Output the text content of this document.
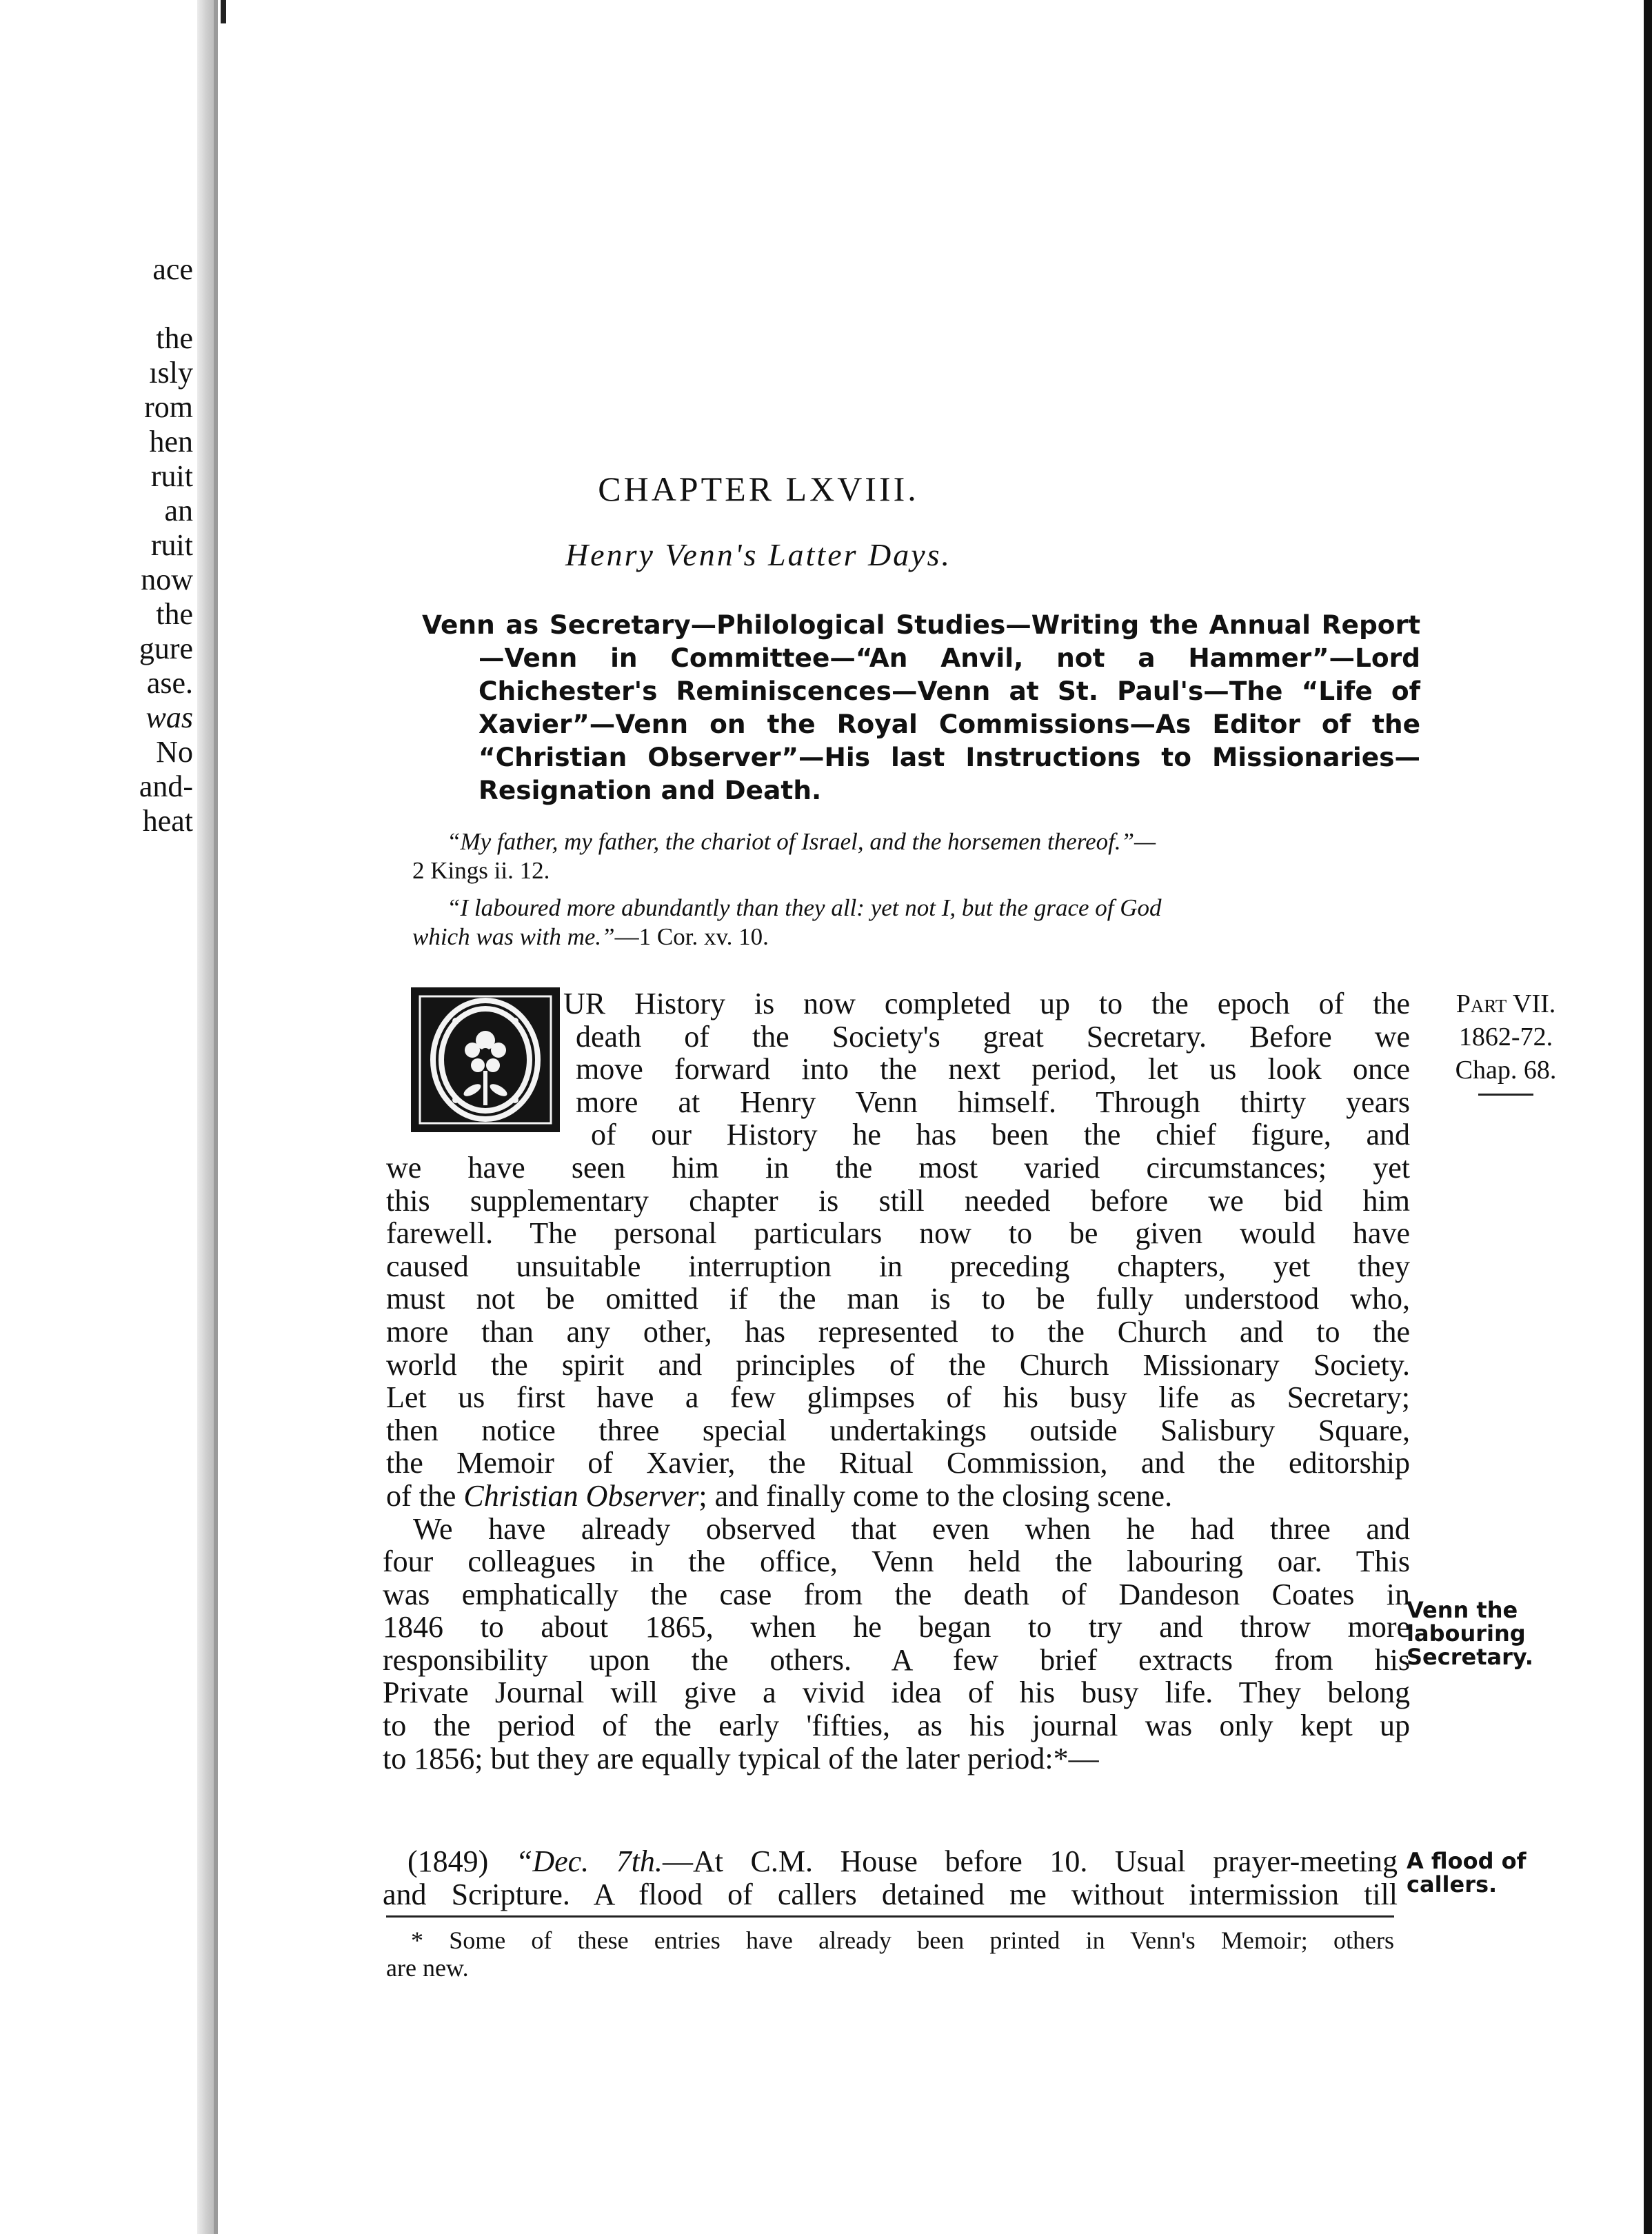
ace
the
ısly
rom
hen
ruit
an
ruit
now
the
gure
ase.
was
No
and-
heat
CHAPTER LXVIII.
Henry Venn's Latter Days.
Venn as Secretary—Philological Studies—Writing the Annual Report
—Venn in Committee—“An Anvil, not a Hammer”—Lord
Chichester's Reminiscences—Venn at St. Paul's—The “Life of
Xavier”—Venn on the Royal Commissions—As Editor of the
“Christian Observer”—His last Instructions to Missionaries—
Resignation and Death.
“My father, my father, the chariot of Israel, and the horsemen thereof.”—
2 Kings ii. 12.
“I laboured more abundantly than they all: yet not I, but the grace of God
which was with me.”—1 Cor. xv. 10.
UR History is now completed up to the epoch of the
death of the Society's great Secretary. Before we
move forward into the next period, let us look once
more at Henry Venn himself. Through thirty years
of our History he has been the chief figure, and
we have seen him in the most varied circumstances; yet
this supplementary chapter is still needed before we bid him
farewell. The personal particulars now to be given would have
caused unsuitable interruption in preceding chapters, yet they
must not be omitted if the man is to be fully understood who,
more than any other, has represented to the Church and to the
world the spirit and principles of the Church Missionary Society.
Let us first have a few glimpses of his busy life as Secretary;
then notice three special undertakings outside Salisbury Square,
the Memoir of Xavier, the Ritual Commission, and the editorship
of the Christian Observer; and finally come to the closing scene.
We have already observed that even when he had three and
four colleagues in the office, Venn held the labouring oar. This
was emphatically the case from the death of Dandeson Coates in
1846 to about 1865, when he began to try and throw more
responsibility upon the others. A few brief extracts from his
Private Journal will give a vivid idea of his busy life. They belong
to the period of the early 'fifties, as his journal was only kept up
to 1856; but they are equally typical of the later period:*—
(1849) “Dec. 7th.—At C.M. House before 10. Usual prayer-meeting
and Scripture. A flood of callers detained me without intermission till
* Some of these entries have already been printed in Venn's Memoir; others
are new.
Part VII.
1862-72.
Chap. 68.
Venn the
labouring
Secretary.
A flood of
callers.
